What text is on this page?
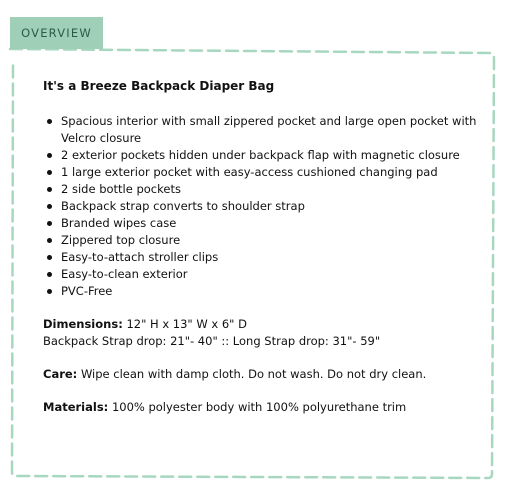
OVERVIEW
It's a Breeze Backpack Diaper Bag
Spacious interior with small zippered pocket and large open pocket with Velcro closure
2 exterior pockets hidden under backpack flap with magnetic closure
1 large exterior pocket with easy-access cushioned changing pad
2 side bottle pockets
Backpack strap converts to shoulder strap
Branded wipes case
Zippered top closure
Easy-to-attach stroller clips
Easy-to-clean exterior
PVC-Free
Dimensions: 12" H x 13" W x 6" D
Backpack Strap drop: 21"- 40" :: Long Strap drop: 31"- 59"
Care: Wipe clean with damp cloth. Do not wash. Do not dry clean.
Materials: 100% polyester body with 100% polyurethane trim
